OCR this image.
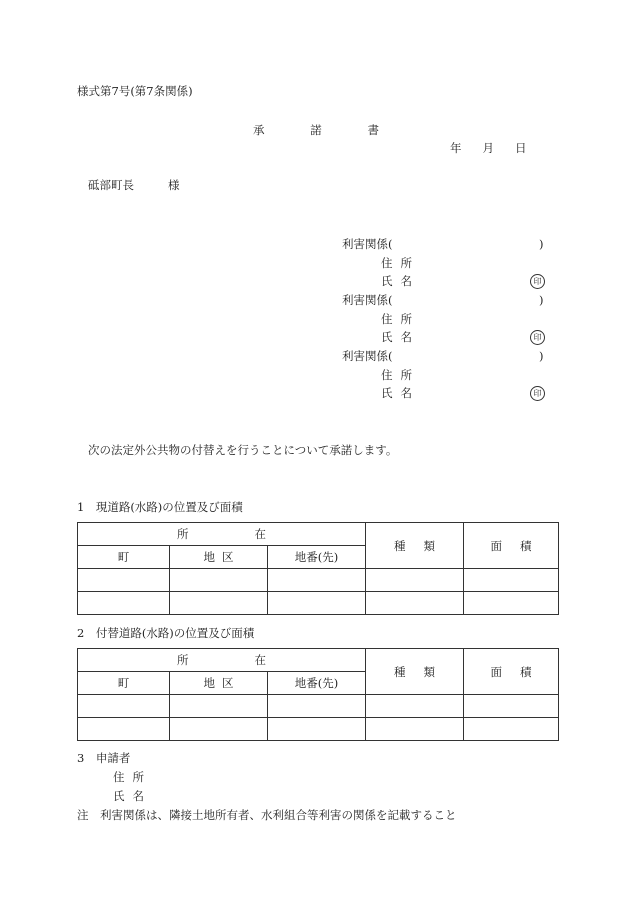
様式第7号(第7条関係)
承	諾	書
年 月 日
砥部町長	様
利害関係(	)
住所
氏名	印
利害関係(	)
住所
氏名	印
利害関係(	)
住所
氏名	印
次の法定外公共物の付替えを行うことについて承諾します。
1　現道路(水路)の位置及び面積
所在			種類	面積
町	地区	地番(先)		

2　付替道路(水路)の位置及び面積
所在			種類	面積
町	地区	地番(先)		

3　申請者
住所
氏名
注　利害関係は、隣接土地所有者、水利組合等利害の関係を記載すること
